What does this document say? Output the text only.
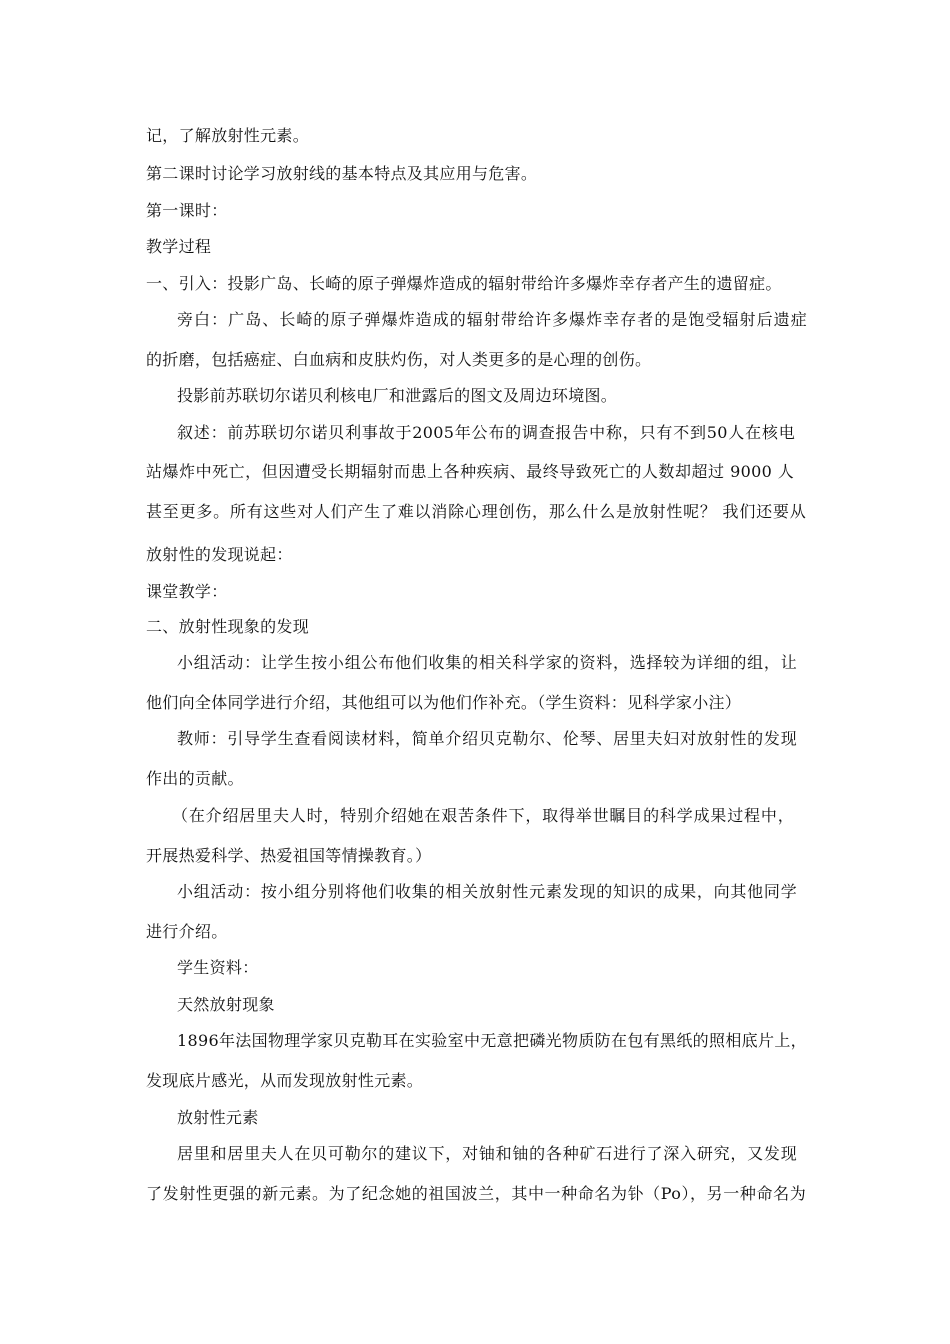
记，了解放射性元素。
第二课时讨论学习放射线的基本特点及其应用与危害。
第一课时：
教学过程
一、引入：投影广岛、长崎的原子弹爆炸造成的辐射带给许多爆炸幸存者产生的遗留症。
旁白：广岛、长崎的原子弹爆炸造成的辐射带给许多爆炸幸存者的是饱受辐射后遗症
的折磨，包括癌症、白血病和皮肤灼伤，对人类更多的是心理的创伤。
投影前苏联切尔诺贝利核电厂和泄露后的图文及周边环境图。
叙述：前苏联切尔诺贝利事故于2005年公布的调查报告中称，只有不到50人在核电
站爆炸中死亡，但因遭受长期辐射而患上各种疾病、最终导致死亡的人数却超过 9000 人
甚至更多。所有这些对人们产生了难以消除心理创伤，那么什么是放射性呢？ 我们还要从
放射性的发现说起：
课堂教学：
二、放射性现象的发现
小组活动：让学生按小组公布他们收集的相关科学家的资料，选择较为详细的组，让
他们向全体同学进行介绍，其他组可以为他们作补充。（学生资料：见科学家小注）
教师：引导学生查看阅读材料，简单介绍贝克勒尔、伦琴、居里夫妇对放射性的发现
作出的贡献。
（在介绍居里夫人时，特别介绍她在艰苦条件下，取得举世瞩目的科学成果过程中，
开展热爱科学、热爱祖国等情操教育。）
小组活动：按小组分别将他们收集的相关放射性元素发现的知识的成果，向其他同学
进行介绍。
学生资料：
天然放射现象
1896年法国物理学家贝克勒耳在实验室中无意把磷光物质防在包有黑纸的照相底片上，
发现底片感光，从而发现放射性元素。
放射性元素
居里和居里夫人在贝可勒尔的建议下，对铀和铀的各种矿石进行了深入研究，又发现
了发射性更强的新元素。为了纪念她的祖国波兰，其中一种命名为钋（Po），另一种命名为
